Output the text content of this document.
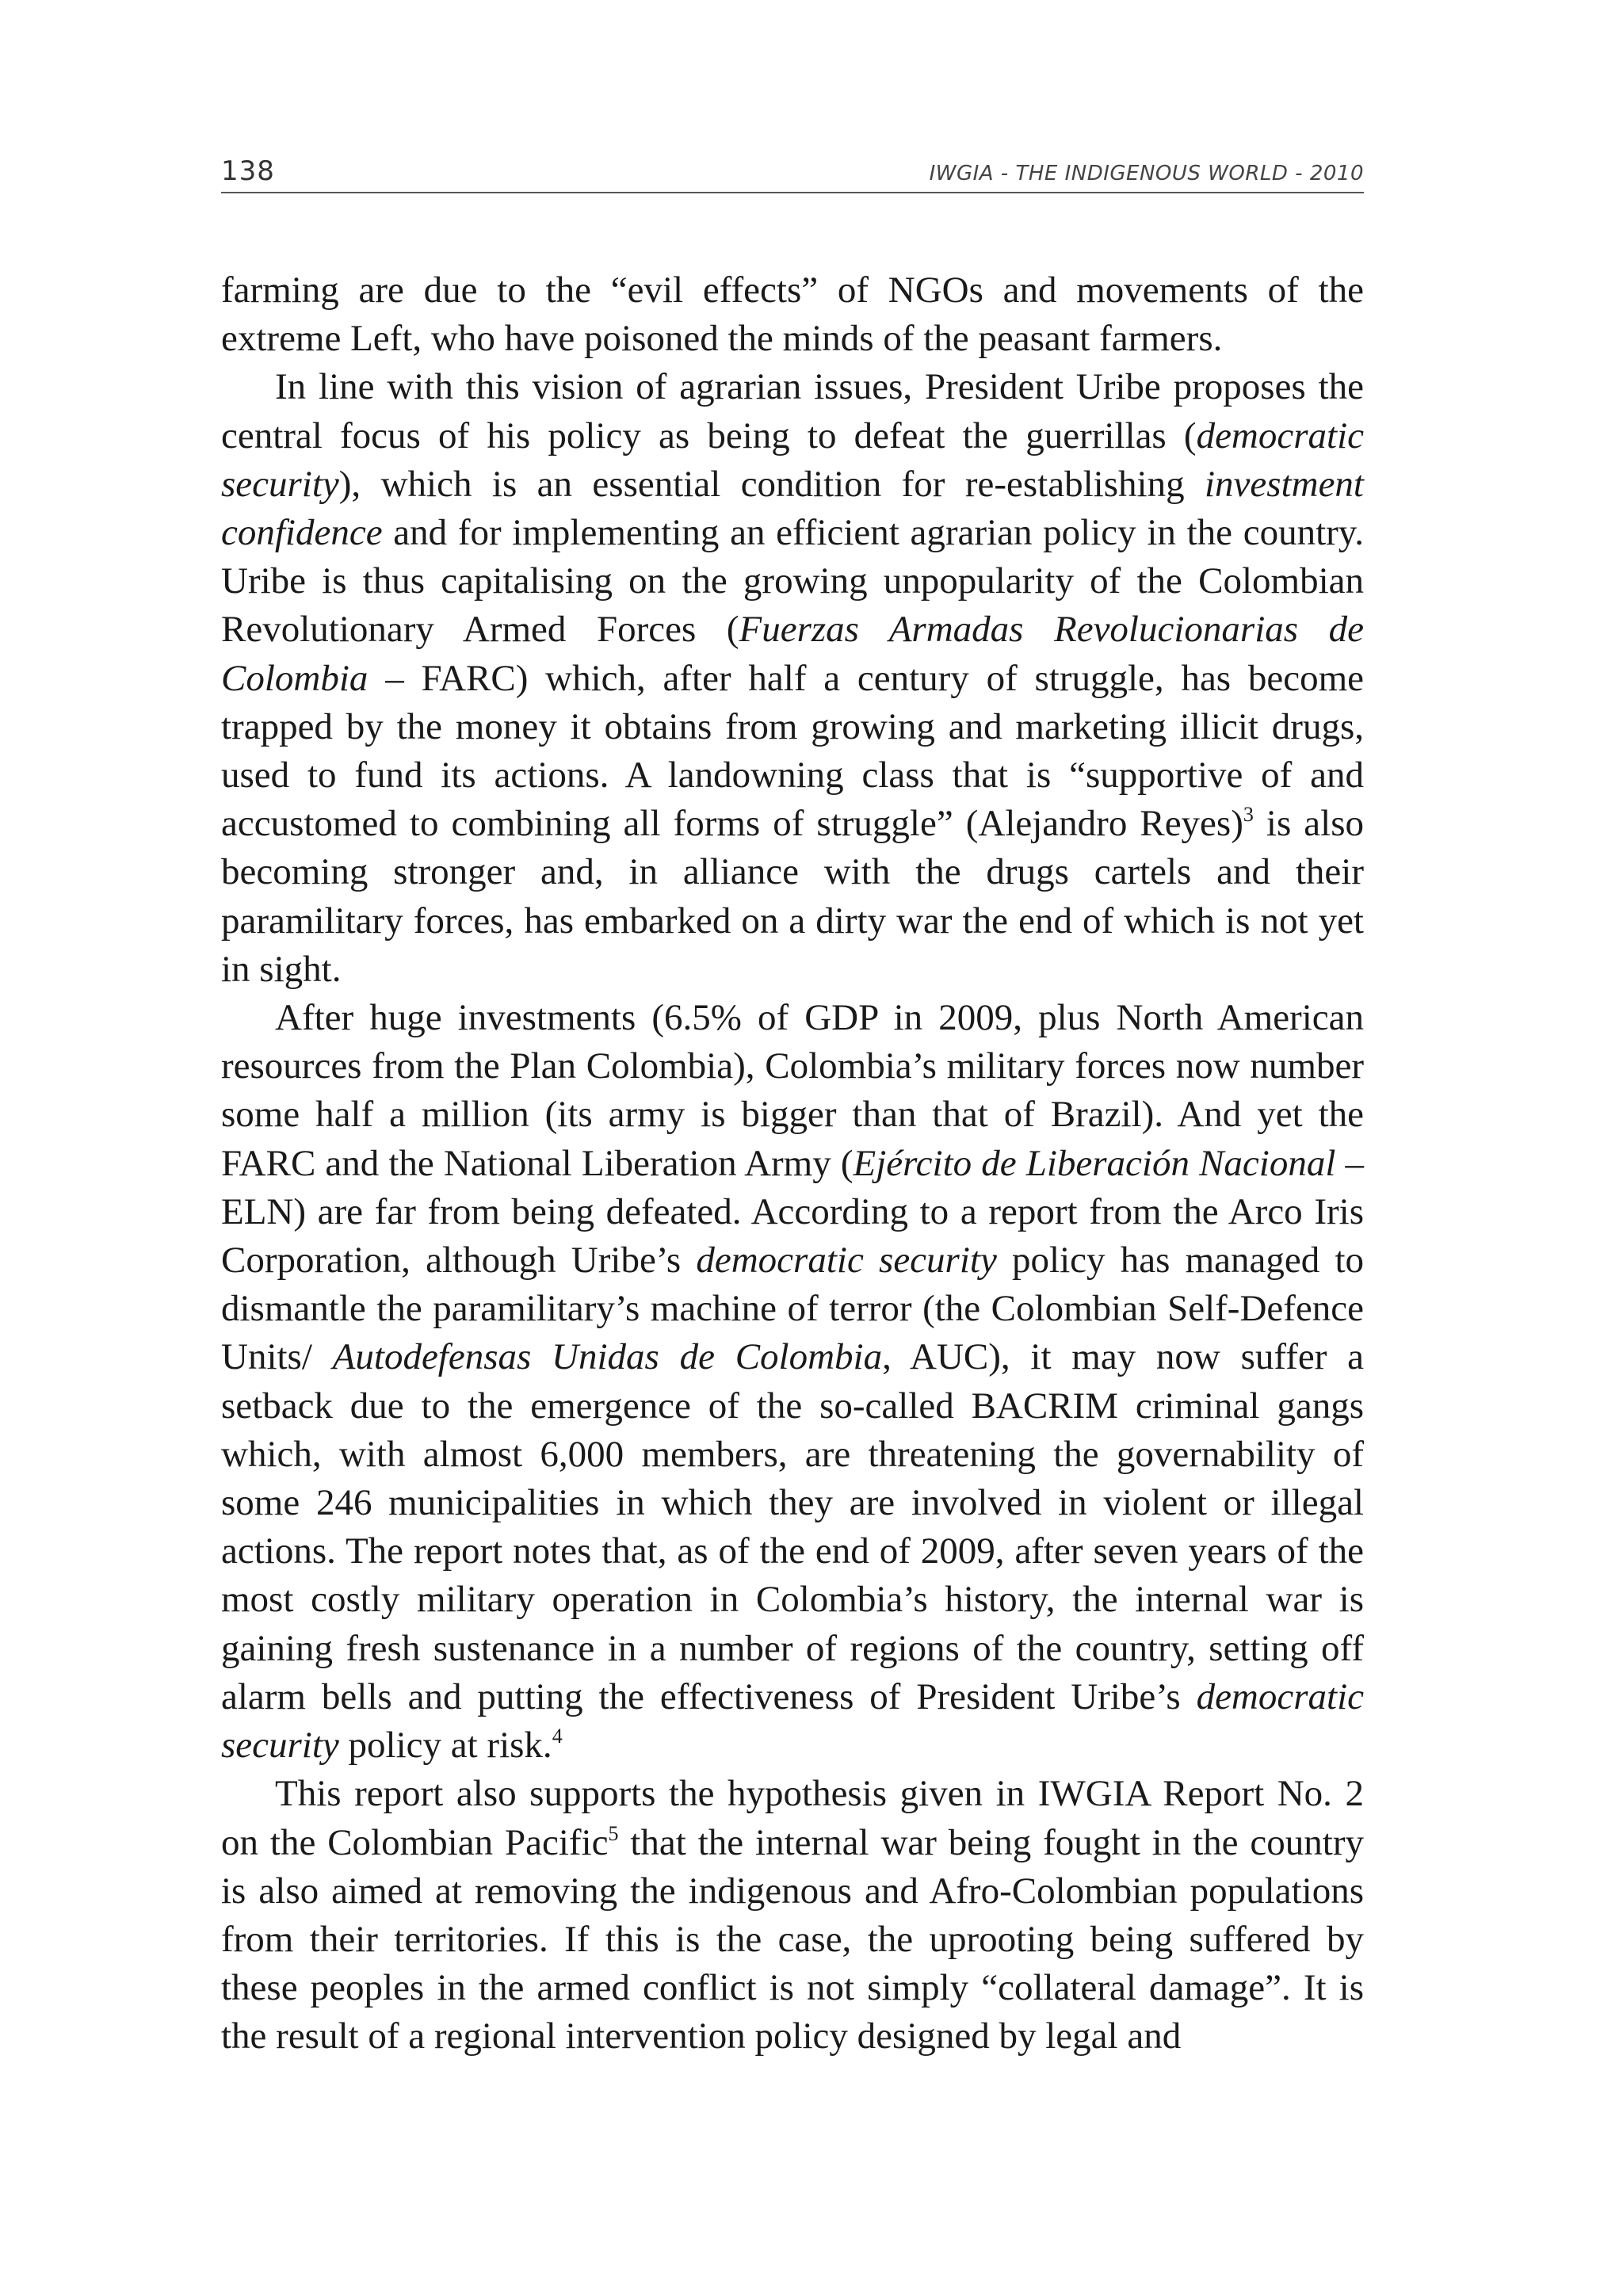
138	IWGIA - THE INDIGENOUS WORLD - 2010

farming are due to the “evil effects” of NGOs and movements of the extreme Left, who have poisoned the minds of the peasant farmers.

In line with this vision of agrarian issues, President Uribe proposes the central focus of his policy as being to defeat the guerrillas (democratic security), which is an essential condition for re-establishing investment confidence and for implementing an efficient agrarian policy in the country. Uribe is thus capitalising on the growing unpopularity of the Colombian Revolutionary Armed Forces (Fuerzas Armadas Revolucionarias de Colombia – FARC) which, after half a century of struggle, has become trapped by the money it obtains from growing and marketing illicit drugs, used to fund its actions. A landowning class that is “supportive of and accustomed to combining all forms of struggle” (Alejandro Reyes)$^3$ is also becoming stronger and, in alliance with the drugs cartels and their paramilitary forces, has embarked on a dirty war the end of which is not yet in sight.

After huge investments (6.5% of GDP in 2009, plus North American resources from the Plan Colombia), Colombia’s military forces now number some half a million (its army is bigger than that of Brazil). And yet the FARC and the National Liberation Army (Ejército de Liberación Nacional – ELN) are far from being defeated. According to a report from the Arco Iris Corporation, although Uribe’s democratic security policy has managed to dismantle the paramilitary’s machine of terror (the Colombian Self-Defence Units/ Autodefensas Unidas de Colombia, AUC), it may now suffer a setback due to the emergence of the so-called BACRIM criminal gangs which, with almost 6,000 members, are threatening the governability of some 246 municipalities in which they are involved in violent or illegal actions. The report notes that, as of the end of 2009, after seven years of the most costly military operation in Colombia’s history, the internal war is gaining fresh sustenance in a number of regions of the country, setting off alarm bells and putting the effectiveness of President Uribe’s democratic security policy at risk.$^4$

This report also supports the hypothesis given in IWGIA Report No. 2 on the Colombian Pacific$^5$ that the internal war being fought in the country is also aimed at removing the indigenous and Afro-Colombian populations from their territories. If this is the case, the uprooting being suffered by these peoples in the armed conflict is not simply “collateral damage”. It is the result of a regional intervention policy designed by legal and
